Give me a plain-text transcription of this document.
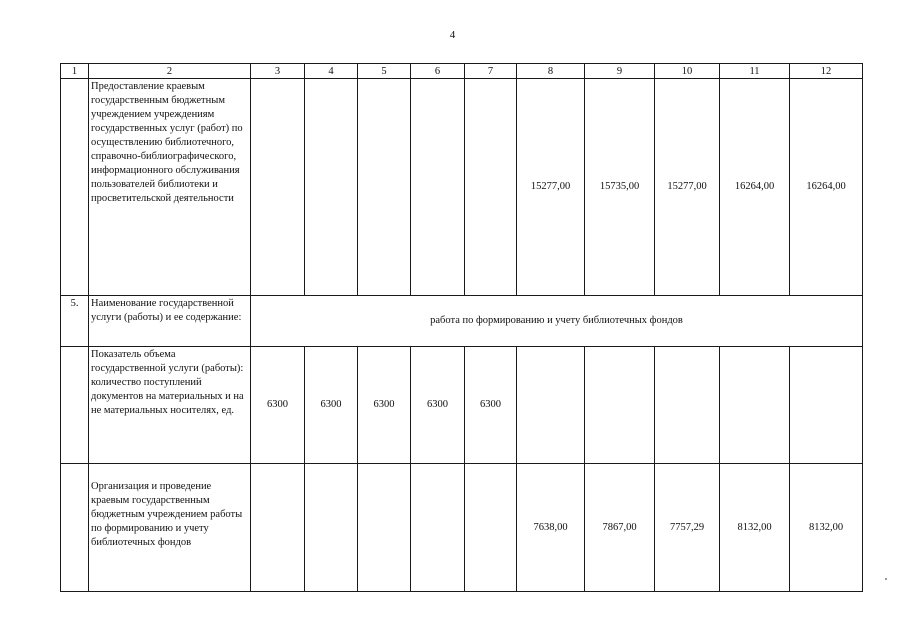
4
1	2	3	4	5	6	7	8	9	10	11	12
	Предоставление краевым государственным бюджетным учреждением учреждениям государственных услуг (работ) по осуществлению библиотечного, справочно-библиографического, информационного обслуживания пользователей библиотеки и просветительской деятельности						15277,00	15735,00	15277,00	16264,00	16264,00
5.	Наименование государственной услуги (работы) и ее содержание:	работа по формированию и учету библиотечных фондов									
	Показатель объема государственной услуги (работы): количество поступлений документов на материальных и на не материальных носителях, ед.	6300	6300	6300	6300	6300					
	Организация и проведение краевым государственным бюджетным учреждением работы по формированию и учету библиотечных фондов						7638,00	7867,00	7757,29	8132,00	8132,00
